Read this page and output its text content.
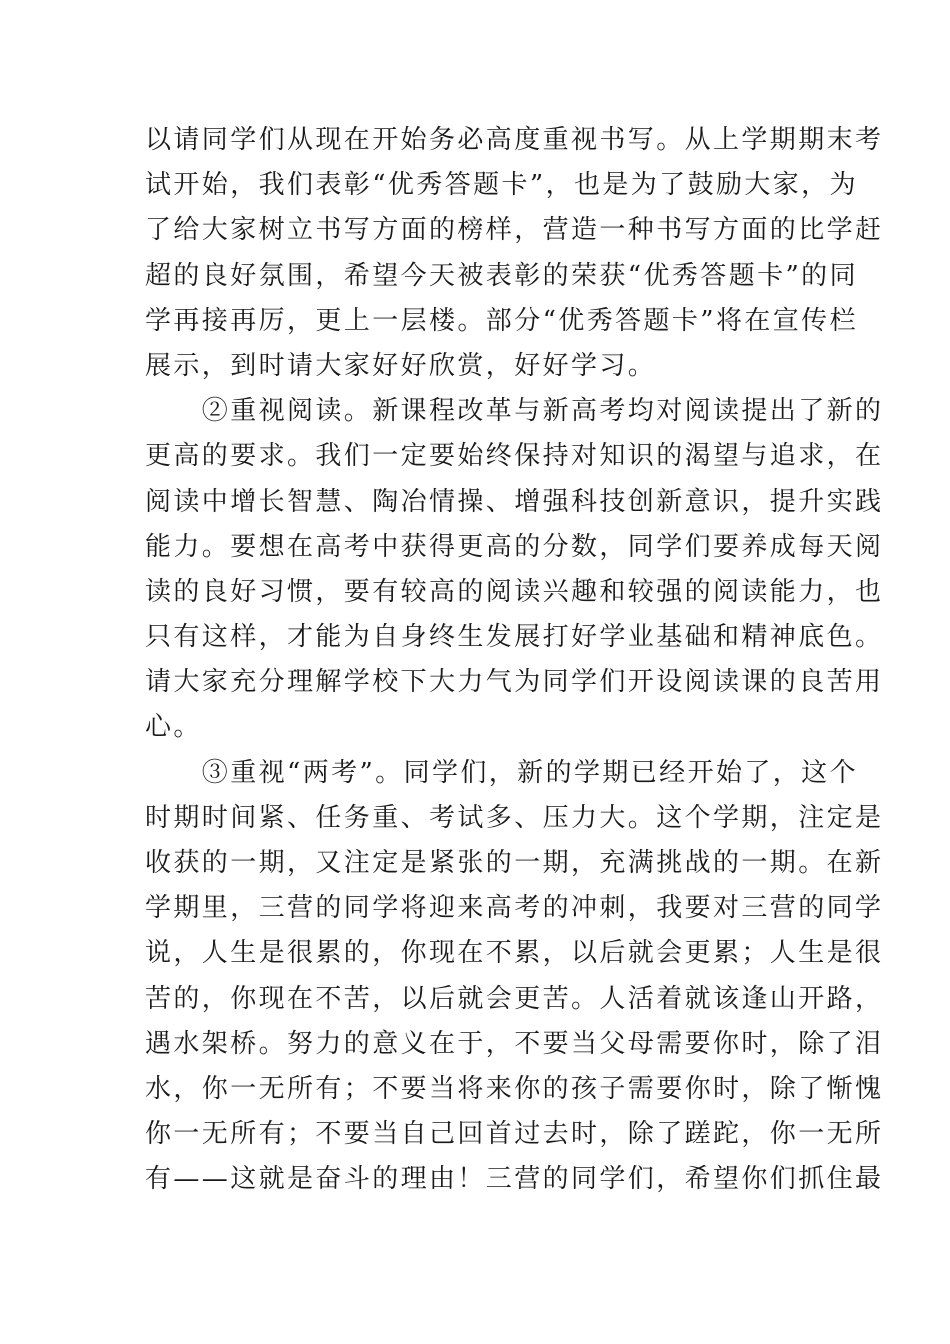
以请同学们从现在开始务必高度重视书写。从上学期期末考
试开始，我们表彰“优秀答题卡”，也是为了鼓励大家，为
了给大家树立书写方面的榜样，营造一种书写方面的比学赶
超的良好氛围，希望今天被表彰的荣获“优秀答题卡”的同
学再接再厉，更上一层楼。部分“优秀答题卡”将在宣传栏
展示，到时请大家好好欣赏，好好学习。
　　②重视阅读。新课程改革与新高考均对阅读提出了新的
更高的要求。我们一定要始终保持对知识的渴望与追求，在
阅读中增长智慧、陶冶情操、增强科技创新意识，提升实践
能力。要想在高考中获得更高的分数，同学们要养成每天阅
读的良好习惯，要有较高的阅读兴趣和较强的阅读能力，也
只有这样，才能为自身终生发展打好学业基础和精神底色。
请大家充分理解学校下大力气为同学们开设阅读课的良苦用
心。
　　③重视“两考”。同学们，新的学期已经开始了，这个
时期时间紧、任务重、考试多、压力大。这个学期，注定是
收获的一期，又注定是紧张的一期，充满挑战的一期。在新
学期里，三营的同学将迎来高考的冲刺，我要对三营的同学
说，人生是很累的，你现在不累，以后就会更累；人生是很
苦的，你现在不苦，以后就会更苦。人活着就该逢山开路，
遇水架桥。努力的意义在于，不要当父母需要你时，除了泪
水，你一无所有；不要当将来你的孩子需要你时，除了惭愧
你一无所有；不要当自己回首过去时，除了蹉跎，你一无所
有——这就是奋斗的理由！三营的同学们，希望你们抓住最
